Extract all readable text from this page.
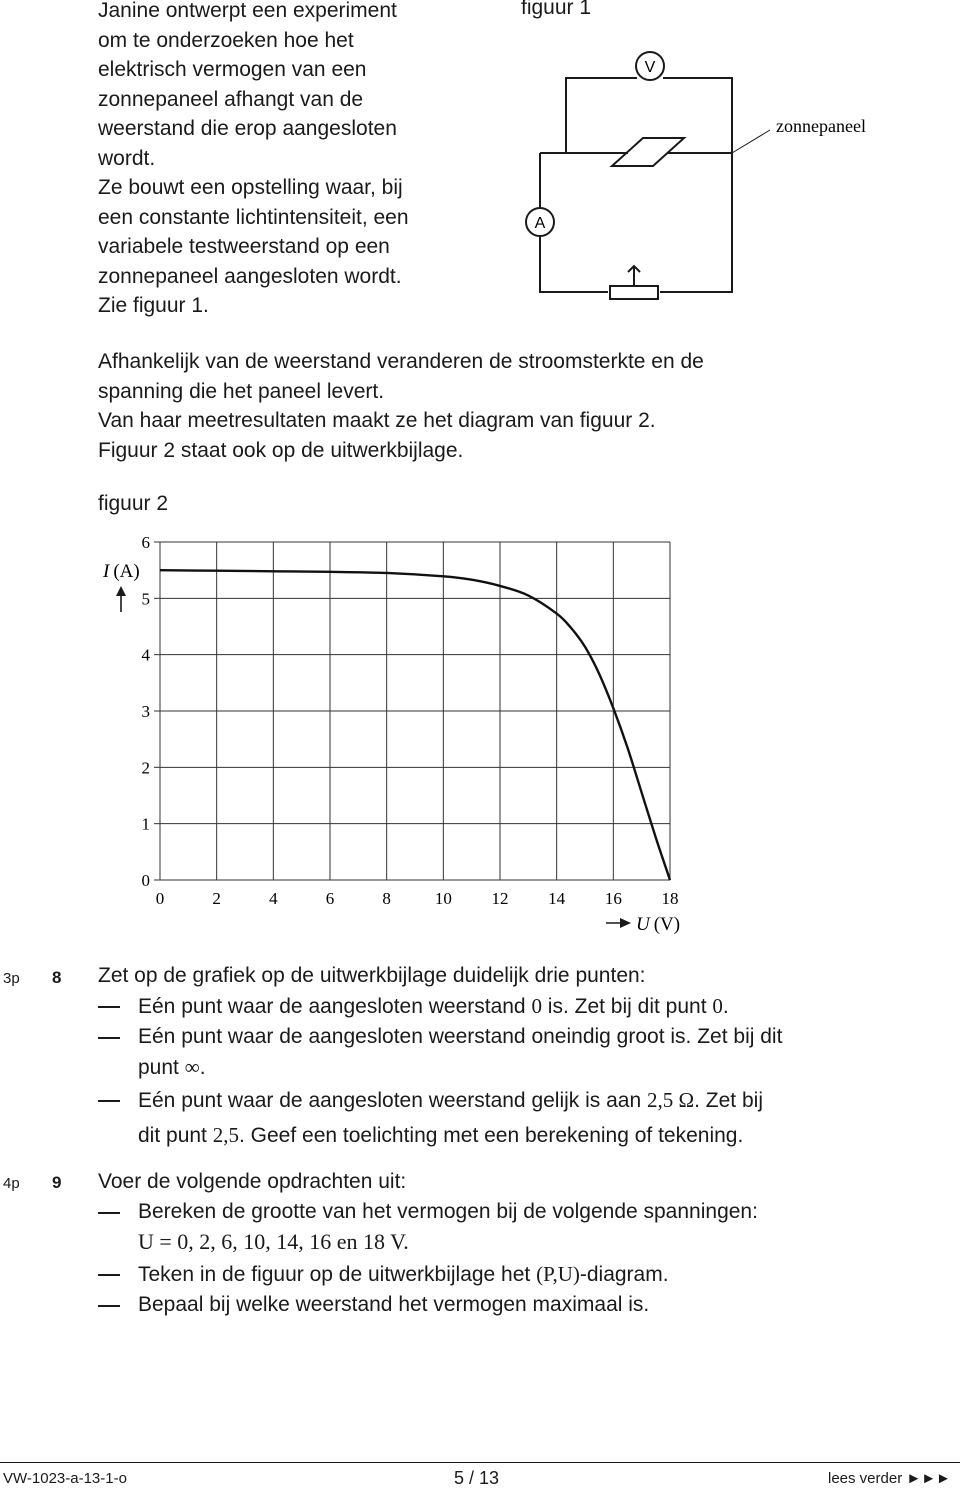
Janine ontwerpt een experiment
om te onderzoeken hoe het
elektrisch vermogen van een
zonnepaneel afhangt van de
weerstand die erop aangesloten
wordt.
Ze bouwt een opstelling waar, bij
een constante lichtintensiteit, een
variabele testweerstand op een
zonnepaneel aangesloten wordt.
Zie figuur 1.
figuur 1
V
A
zonnepaneel
Afhankelijk van de weerstand veranderen de stroomsterkte en de
spanning die het paneel levert.
Van haar meetresultaten maakt ze het diagram van figuur 2.
Figuur 2 staat ook op de uitwerkbijlage.
figuur 2
0
1
2
3
4
5
6
0	2	4	6	8	10 12 14 16 18
I (A)
U (V)
3p 8 Zet op de grafiek op de uitwerkbijlage duidelijk drie punten:
Eén punt waar de aangesloten weerstand 0 is. Zet bij dit punt 0.
Eén punt waar de aangesloten weerstand oneindig groot is. Zet bij dit
punt ∞.
Eén punt waar de aangesloten weerstand gelijk is aan 2,5 Ω. Zet bij
dit punt 2,5. Geef een toelichting met een berekening of tekening.
4p 9 Voer de volgende opdrachten uit:
Bereken de grootte van het vermogen bij de volgende spanningen:
U = 0, 2, 6, 10, 14, 16 en 18 V.
Teken in de figuur op de uitwerkbijlage het (P,U)-diagram.
Bepaal bij welke weerstand het vermogen maximaal is.
VW-1023-a-13-1-o	5 / 13	lees verder ►►►
